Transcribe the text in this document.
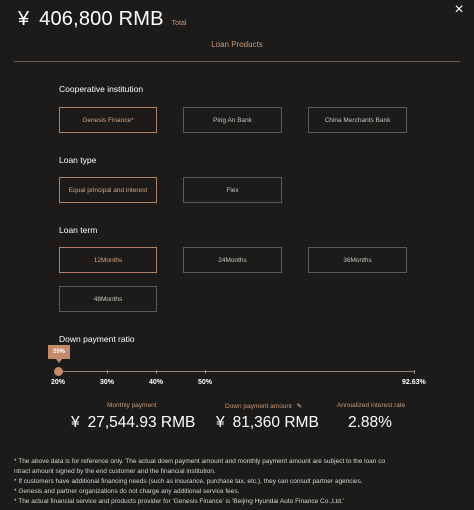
×
¥ 406,800 RMB Total
Loan Products
Cooperative institution
Genesis Finance*	Ping An Bank	China Merchants Bank
Loan type
Equal principal and interest	Flex
Loan term
12Months	24Months	36Months
48Months
Down payment ratio
20%
20%	30%	40%	50%	92.63%
Monthly payment
¥ 27,544.93 RMB
Down payment amount ✎
¥ 81,360 RMB
Annualized interest rate
2.88%

* The above data is for reference only. The actual down payment amount and monthly payment amount are subject to the loan co

ntract amount signed by the end customer and the financial institution.

* If customers have additional financing needs (such as insurance, purchase tax, etc.), they can consult partner agencies.

* Genesis and partner organizations do not charge any additional service fees.

* The actual financial service and products provider for 'Genesis Finance' is 'Beijing Hyundai Auto Finance Co.,Ltd.'
